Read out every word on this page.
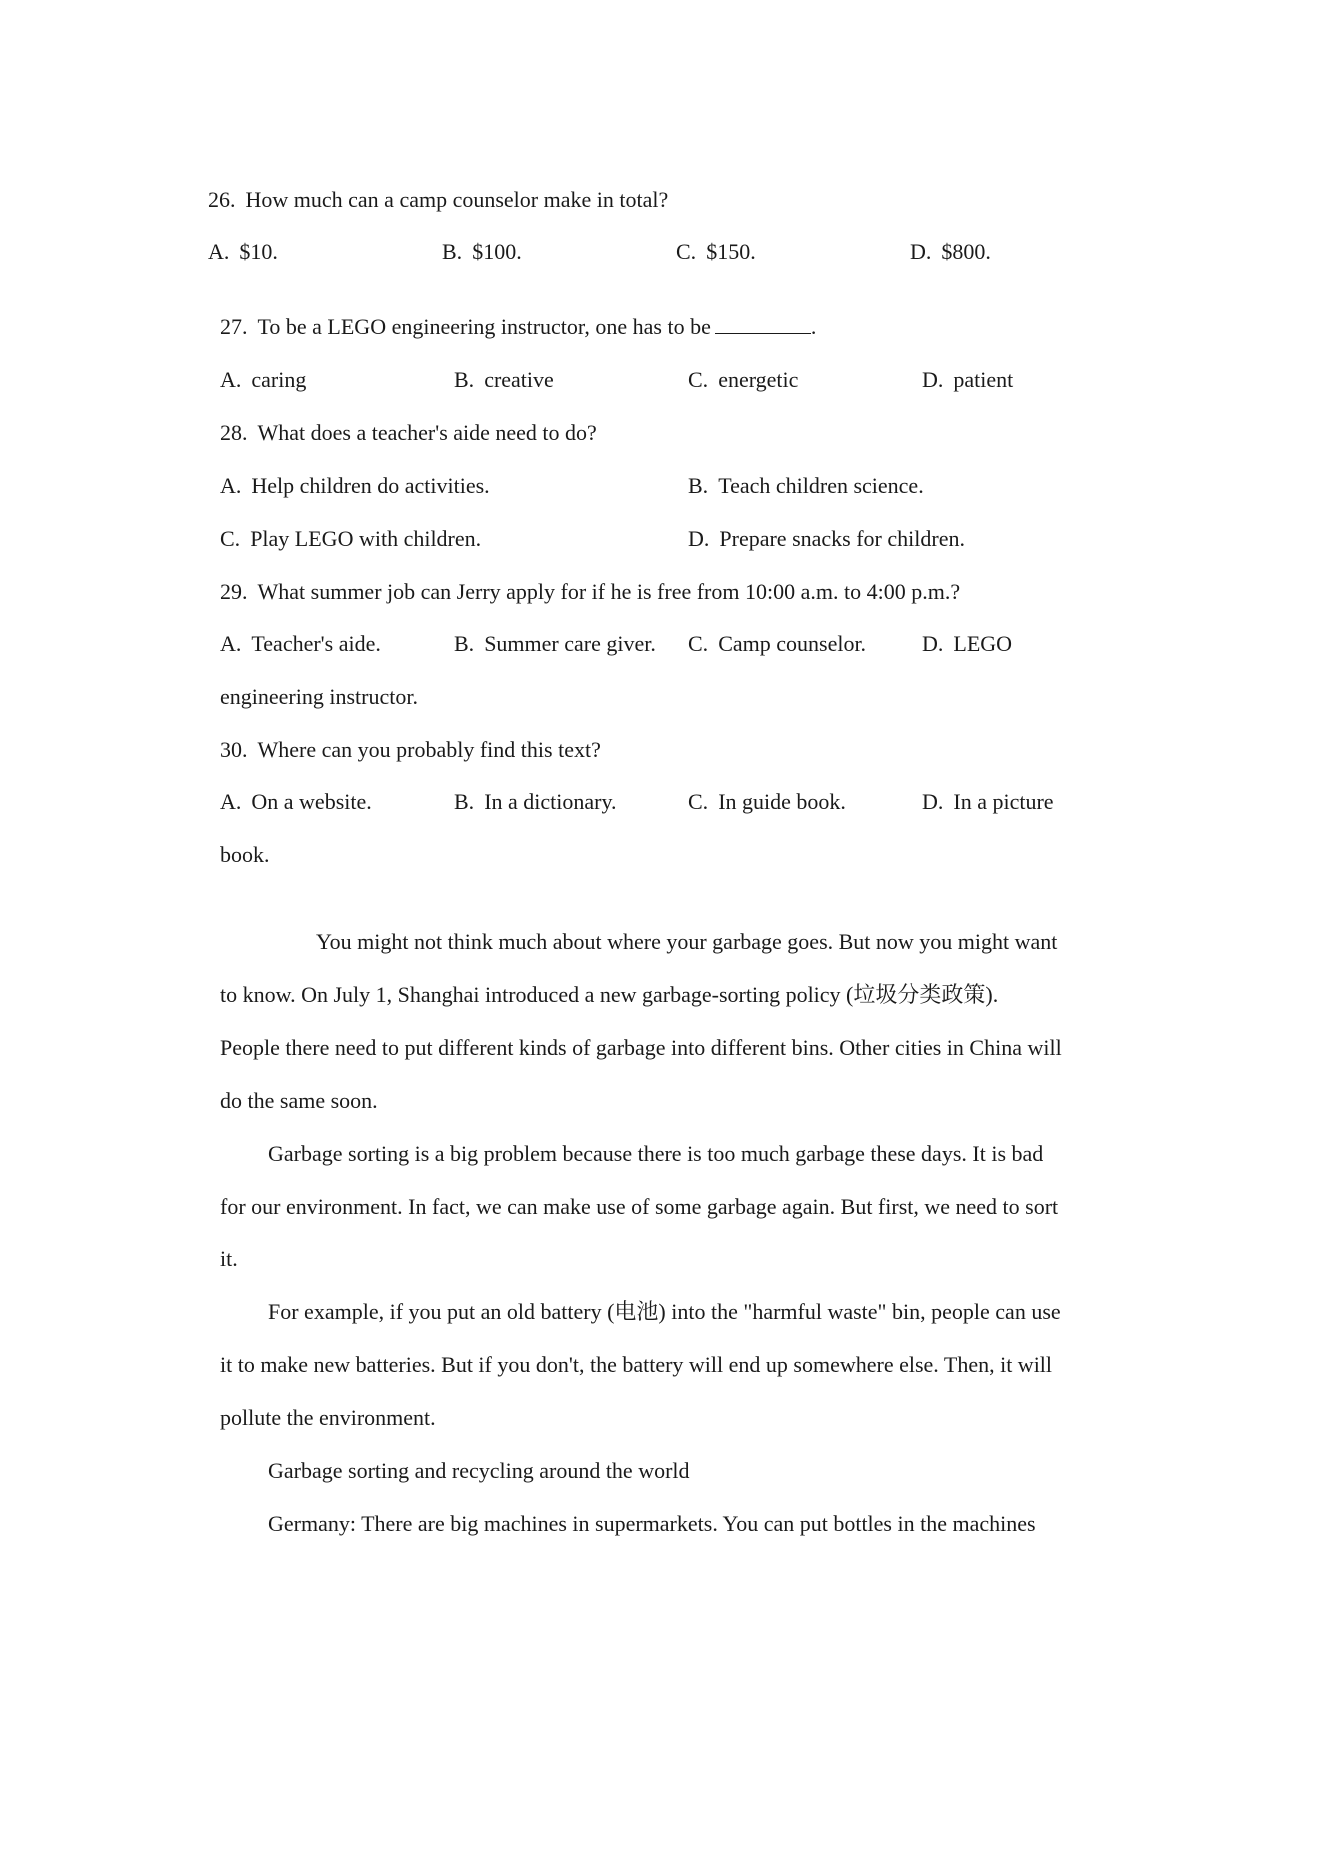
26. How much can a camp counselor make in total?
A. $10.	B. $100.	C. $150.	D. $800.
27. To be a LEGO engineering instructor, one has to be	.
A. caring	B. creative	C. energetic	D. patient
28. What does a teacher's aide need to do?
A. Help children do activities.	B. Teach children science.
C. Play LEGO with children.	D. Prepare snacks for children.
29. What summer job can Jerry apply for if he is free from 10:00 a.m. to 4:00 p.m.?
A. Teacher's aide.	B. Summer care giver. C. Camp counselor.	D. LEGO
engineering instructor.
30. Where can you probably find this text?
A. On a website.	B. In a dictionary.	C. In guide book.	D. In a picture
book.
You might not think much about where your garbage goes. But now you might want
to know. On July 1, Shanghai introduced a new garbage-sorting policy (垃圾分类政策).
People there need to put different kinds of garbage into different bins. Other cities in China will
do the same soon.
Garbage sorting is a big problem because there is too much garbage these days. It is bad
for our environment. In fact, we can make use of some garbage again. But first, we need to sort
it.
For example, if you put an old battery (电池) into the "harmful waste" bin, people can use
it to make new batteries. But if you don't, the battery will end up somewhere else. Then, it will
pollute the environment.
Garbage sorting and recycling around the world
Germany: There are big machines in supermarkets. You can put bottles in the machines
